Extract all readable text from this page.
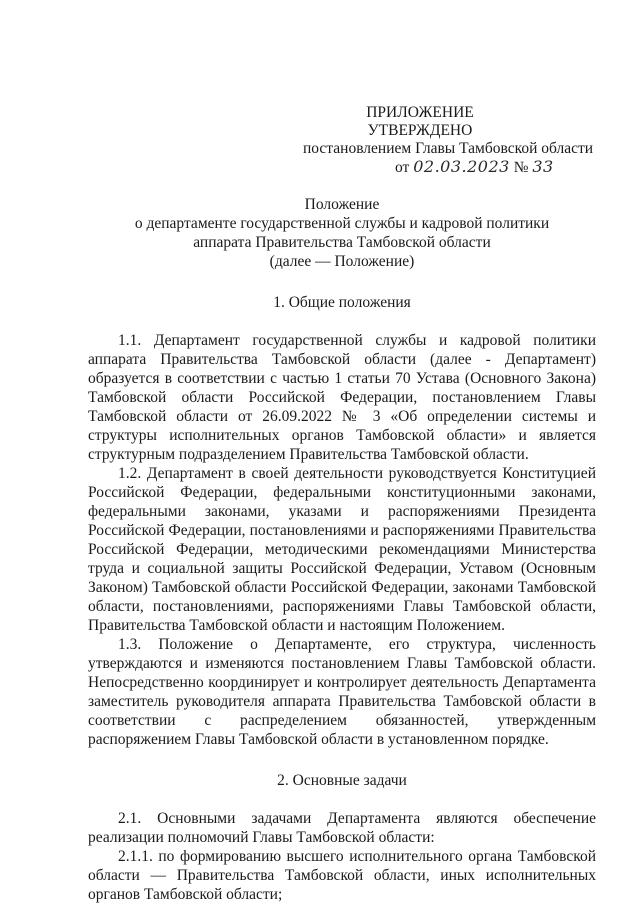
ПРИЛОЖЕНИЕ
УТВЕРЖДЕНО
постановлением Главы Тамбовской области
от 02.03.2023 № 33
Положение
о департаменте государственной службы и кадровой политики
аппарата Правительства Тамбовской области
(далее — Положение)
1. Общие положения

1.1. Департамент государственной службы и кадровой политики аппарата Правительства Тамбовской области (далее - Департамент) образуется в соответствии с частью 1 статьи 70 Устава (Основного Закона) Тамбовской области Российской Федерации, постановлением Главы Тамбовской области от 26.09.2022 № 3 «Об определении системы и структуры исполнительных органов Тамбовской области» и является структурным подразделением Правительства Тамбовской области.

1.2. Департамент в своей деятельности руководствуется Конституцией Российской Федерации, федеральными конституционными законами, федеральными законами, указами и распоряжениями Президента Российской Федерации, постановлениями и распоряжениями Правительства Российской Федерации, методическими рекомендациями Министерства труда и социальной защиты Российской Федерации, Уставом (Основным Законом) Тамбовской области Российской Федерации, законами Тамбовской области, постановлениями, распоряжениями Главы Тамбовской области, Правительства Тамбовской области и настоящим Положением.

1.3. Положение о Департаменте, его структура, численность утверждаются и изменяются постановлением Главы Тамбовской области. Непосредственно координирует и контролирует деятельность Департамента заместитель руководителя аппарата Правительства Тамбовской области в соответствии с распределением обязанностей, утвержденным распоряжением Главы Тамбовской области в установленном порядке.

2. Основные задачи

2.1. Основными задачами Департамента являются обеспечение реализации полномочий Главы Тамбовской области:

2.1.1. по формированию высшего исполнительного органа Тамбовской области — Правительства Тамбовской области, иных исполнительных органов Тамбовской области;
